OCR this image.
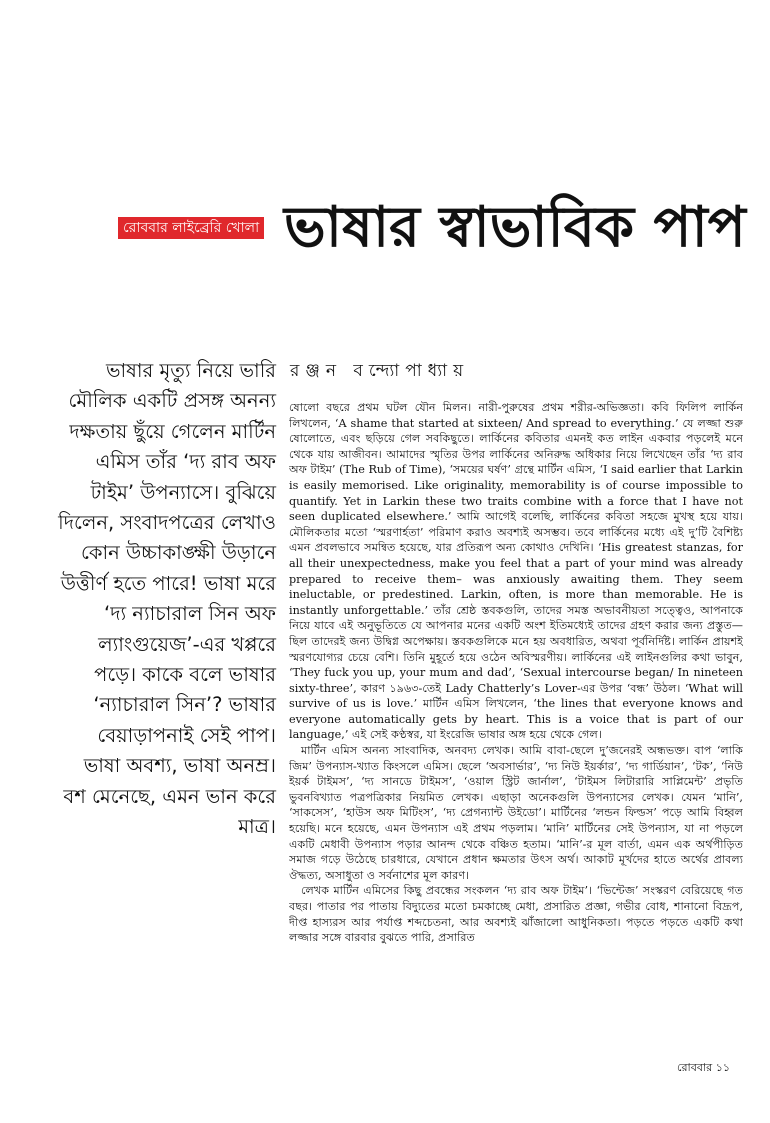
রোববার লাইব্রেরি খোলা ভাষার স্বাভাবিক পাপ

ভাষার মৃত্যু নিয়ে ভারি মৌলিক একটি প্রসঙ্গ অনন্য দক্ষতায় ছুঁয়ে গেলেন মার্টিন এমিস তাঁর ‘দ্য রাব অফ টাইম’ উপন্যাসে। বুঝিয়ে দিলেন, সংবাদপত্রের লেখাও কোন উচ্চাকাঙ্ক্ষী উড়ানে উত্তীর্ণ হতে পারে! ভাষা মরে ‘দ্য ন্যাচারাল সিন অফ ল্যাংগুয়েজ’-এর খপ্পরে পড়ে। কাকে বলে ভাষার ‘ন্যাচারাল সিন’? ভাষার বেয়াড়াপনাই সেই পাপ। ভাষা অবশ্য, ভাষা অনম্র। বশ মেনেছে, এমন ভান করে মাত্র।

রঞ্জন বন্দ্যোপাধ্যায়

ষোলো বছরে প্রথম ঘটল যৌন মিলন। নারী-পুরুষের প্রথম শরীর-অভিজ্ঞতা। কবি ফিলিপ লার্কিন লিখলেন, ‘A shame that started at sixteen/ And spread to everything.’ যে লজ্জা শুরু ষোলোতে, এবং ছড়িয়ে গেল সবকিছুতে। লার্কিনের কবিতার এমনই কত লাইন একবার পড়লেই মনে থেকে যায় আজীবন। আমাদের স্মৃতির উপর লার্কিনের অনিরুদ্ধ অধিকার নিয়ে লিখেছেন তাঁর ‘দ্য রাব অফ টাইম’ (The Rub of Time), ‘সময়ের ঘর্ষণ’ গ্রন্থে মার্টিন এমিস, ‘I said earlier that Larkin is easily memorised. Like originality, memorability is of course impossible to quantify. Yet in Larkin these two traits combine with a force that I have not seen duplicated elsewhere.’ আমি আগেই বলেছি, লার্কিনের কবিতা সহজে মুখস্থ হয়ে যায়। মৌলিকতার মতো ‘স্মরণার্হতা’ পরিমাণ করাও অবশ্যই অসম্ভব। তবে লার্কিনের মধ্যে এই দু’টি বৈশিষ্ট্য এমন প্রবলভাবে সমন্বিত হয়েছে, যার প্রতিরূপ অন্য কোথাও দেখিনি। ‘His greatest stanzas, for all their unexpectedness, make you feel that a part of your mind was already prepared to receive them– was anxiously awaiting them. They seem ineluctable, or predestined. Larkin, often, is more than memorable. He is instantly unforgettable.’ তাঁর শ্রেষ্ঠ স্তবকগুলি, তাদের সমস্ত অভাবনীয়তা সত্ত্বেও, আপনাকে নিয়ে যাবে এই অনুভূতিতে যে আপনার মনের একটি অংশ ইতিমধ্যেই তাদের গ্রহণ করার জন্য প্রস্তুত— ছিল তাদেরই জন্য উদ্বিগ্ন অপেক্ষায়। স্তবকগুলিকে মনে হয় অবধারিত, অথবা পূর্বনির্দিষ্ট। লার্কিন প্রায়শই স্মরণযোগ্যর চেয়ে বেশি। তিনি মুহূর্তে হয়ে ওঠেন অবিস্মরণীয়। লার্কিনের এই লাইনগুলির কথা ভাবুন, ‘They fuck you up, your mum and dad’, ‘Sexual intercourse began/ In nineteen sixty-three’, কারণ ১৯৬৩-তেই Lady Chatterly’s Lover-এর উপর ‘বন্ধ’ উঠল। ‘What will survive of us is love.’ মার্টিন এমিস লিখলেন, ‘the lines that everyone knows and everyone automatically gets by heart. This is a voice that is part of our language,’ এই সেই কণ্ঠস্বর, যা ইংরেজি ভাষার অঙ্গ হয়ে থেকে গেল।

মার্টিন এমিস অনন্য সাংবাদিক, অনবদ্য লেখক। আমি বাবা-ছেলে দু’জনেরই অন্ধভক্ত। বাপ ‘লাকি জিম’ উপন্যাস-খ্যাত কিংসলে এমিস। ছেলে ‘অবসার্ভার’, ‘দ্য নিউ ইয়র্কার’, ‘দ্য গার্ডিয়ান’, ‘টক’, ‘নিউ ইয়র্ক টাইমস’, ‘দ্য সানডে টাইমস’, ‘ওয়াল স্ট্রিট জার্নাল’, ‘টাইমস লিটারারি সাপ্লিমেন্ট’ প্রভৃতি ভুবনবিখ্যাত পত্রপত্রিকার নিয়মিত লেখক। এছাড়া অনেকগুলি উপন্যাসের লেখক। যেমন ‘মানি’, ‘সাকসেস’, ‘হাউস অফ মিটিংস’, ‘দ্য প্রেগন্যান্ট উইডো’। মার্টিনের ‘লন্ডন ফিল্ডস’ পড়ে আমি বিহ্বল হয়েছি। মনে হয়েছে, এমন উপন্যাস এই প্রথম পড়লাম। ‘মানি’ মার্টিনের সেই উপন্যাস, যা না পড়লে একটি মেধাবী উপন্যাস পড়ার আনন্দ থেকে বঞ্চিত হতাম। ‘মানি’-র মূল বার্তা, এমন এক অর্থপীড়িত সমাজ গড়ে উঠেছে চারধারে, যেখানে প্রধান ক্ষমতার উৎস অর্থ। আকাট মূর্খদের হাতে অর্থের প্রাবল্য ঔদ্ধত্য, অসাধুতা ও সর্বনাশের মূল কারণ।

লেখক মার্টিন এমিসের কিছু প্রবন্ধের সংকলন ‘দ্য রাব অফ টাইম’। ‘ভিন্টেজ’ সংস্করণ বেরিয়েছে গত বছর। পাতার পর পাতায় বিদ্যুতের মতো চমকাচ্ছে মেধা, প্রসারিত প্রজ্ঞা, গভীর বোধ, শানানো বিদ্রূপ, দীপ্ত হাস্যরস আর পর্যাপ্ত শব্দচেতনা, আর অবশ্যই ঝাঁজালো আধুনিকতা। পড়তে পড়তে একটি কথা লজ্জার সঙ্গে বারবার বুঝতে পারি, প্রসারিত

রোববার ১১
